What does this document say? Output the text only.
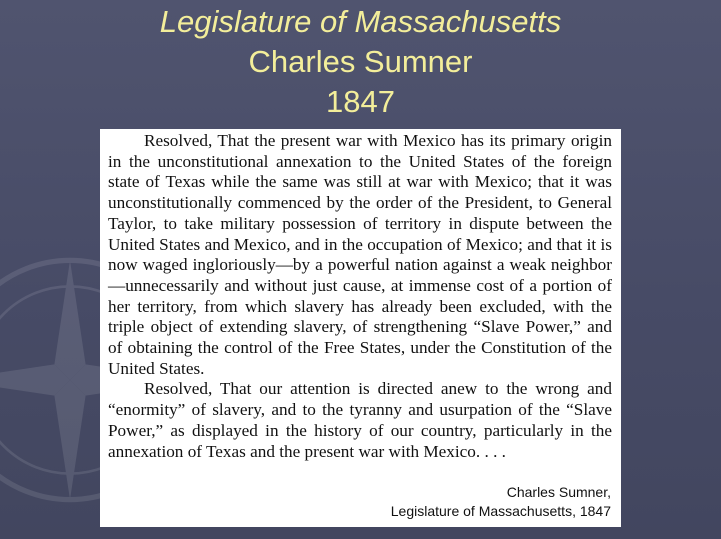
Legislature of Massachusetts
Charles Sumner
1847

Resolved, That the present war with Mexico has its primary origin in the unconstitutional annexation to the United States of the foreign state of Texas while the same was still at war with Mexico; that it was unconstitutionally commenced by the order of the President, to General Taylor, to take military possession of territory in dispute between the United States and Mexico, and in the occupation of Mexico; and that it is now waged ingloriously—by a powerful nation against a weak neighbor—unnecessarily and without just cause, at immense cost of a portion of her territory, from which slavery has already been excluded, with the triple object of extending slavery, of strengthening “Slave Power,” and of obtaining the control of the Free States, under the Constitution of the United States.

Resolved, That our attention is directed anew to the wrong and “enormity” of slavery, and to the tyranny and usurpation of the “Slave Power,” as displayed in the history of our country, particularly in the annexation of Texas and the present war with Mexico. . . .

Charles Sumner,
Legislature of Massachusetts, 1847
